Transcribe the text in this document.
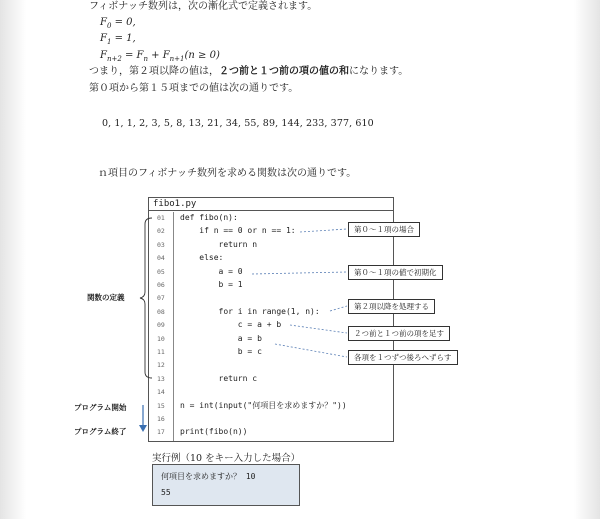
フィボナッチ数列は，次の漸化式で定義されます。
$F_0 = 0$,
$F_1 = 1$,
$F_{n+2} = F_n + F_{n+1}(n \ge 0)$
つまり，第２項以降の値は，２つ前と１つ前の項の値の和になります。
第０項から第１５項までの値は次の通りです。
0, 1, 1, 2, 3, 5, 8, 13, 21, 34, 55, 89, 144, 233, 377, 610
ｎ項目のフィボナッチ数列を求める関数は次の通りです。
fibo1.py
01	def fibo(n):
02	if n == 0 or n == 1:
03	return n
04	else:
05	a = 0
06	b = 1
07
08	for i in range(1, n):
09	c = a + b
10	a = b
11	b = c
12
13	return c
14
15	n = int(input("何項目を求めますか？"))
16
17	print(fibo(n))
第０〜１項の場合
第０〜１項の値で初期化
第２項以降を処理する
２つ前と１つ前の項を足す
各項を１つずつ後ろへずらす
関数の定義
プログラム開始
プログラム終了
実行例（10 をキー入力した場合）
何項目を求めますか？ 10
55
